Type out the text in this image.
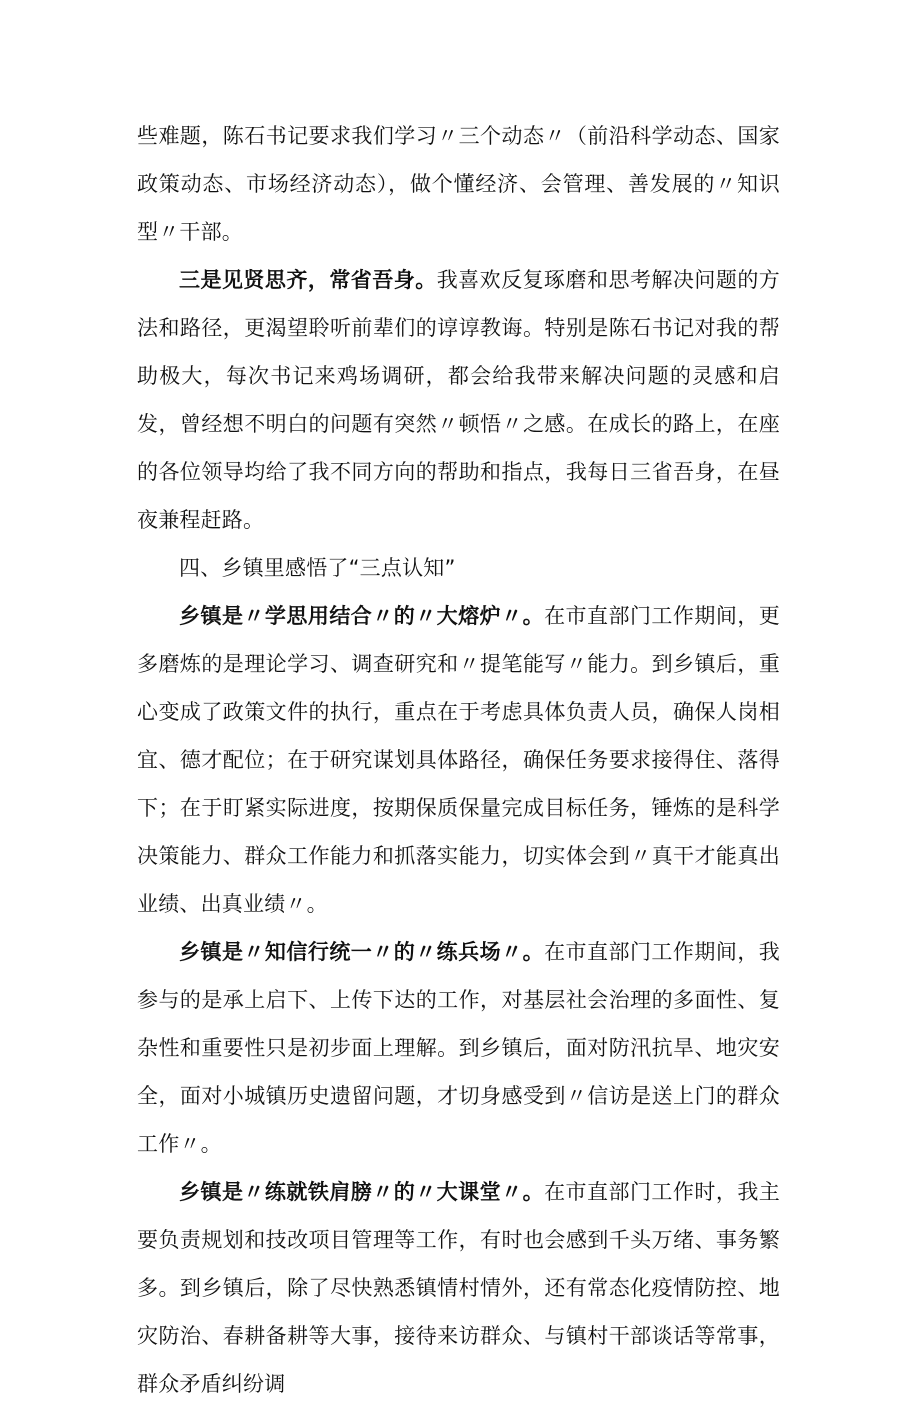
些难题，陈石书记要求我们学习〃三个动态〃（前沿科学动态、国家政策动态、市场经济动态），做个懂经济、会管理、善发展的〃知识型〃干部。

三是见贤思齐，常省吾身。我喜欢反复琢磨和思考解决问题的方法和路径，更渴望聆听前辈们的谆谆教诲。特别是陈石书记对我的帮助极大，每次书记来鸡场调研，都会给我带来解决问题的灵感和启发，曾经想不明白的问题有突然〃顿悟〃之感。在成长的路上，在座的各位领导均给了我不同方向的帮助和指点，我每日三省吾身，在昼夜兼程赶路。

四、乡镇里感悟了“三点认知”

乡镇是〃学思用结合〃的〃大熔炉〃。在市直部门工作期间，更多磨炼的是理论学习、调查研究和〃提笔能写〃能力。到乡镇后，重心变成了政策文件的执行，重点在于考虑具体负责人员，确保人岗相宜、德才配位；在于研究谋划具体路径，确保任务要求接得住、落得下；在于盯紧实际进度，按期保质保量完成目标任务，锤炼的是科学决策能力、群众工作能力和抓落实能力，切实体会到〃真干才能真出业绩、出真业绩〃。

乡镇是〃知信行统一〃的〃练兵场〃。在市直部门工作期间，我参与的是承上启下、上传下达的工作，对基层社会治理的多面性、复杂性和重要性只是初步面上理解。到乡镇后，面对防汛抗旱、地灾安全，面对小城镇历史遗留问题，才切身感受到〃信访是送上门的群众工作〃。

乡镇是〃练就铁肩膀〃的〃大课堂〃。在市直部门工作时，我主要负责规划和技改项目管理等工作，有时也会感到千头万绪、事务繁多。到乡镇后，除了尽快熟悉镇情村情外，还有常态化疫情防控、地灾防治、春耕备耕等大事，接待来访群众、与镇村干部谈话等常事，群众矛盾纠纷调
